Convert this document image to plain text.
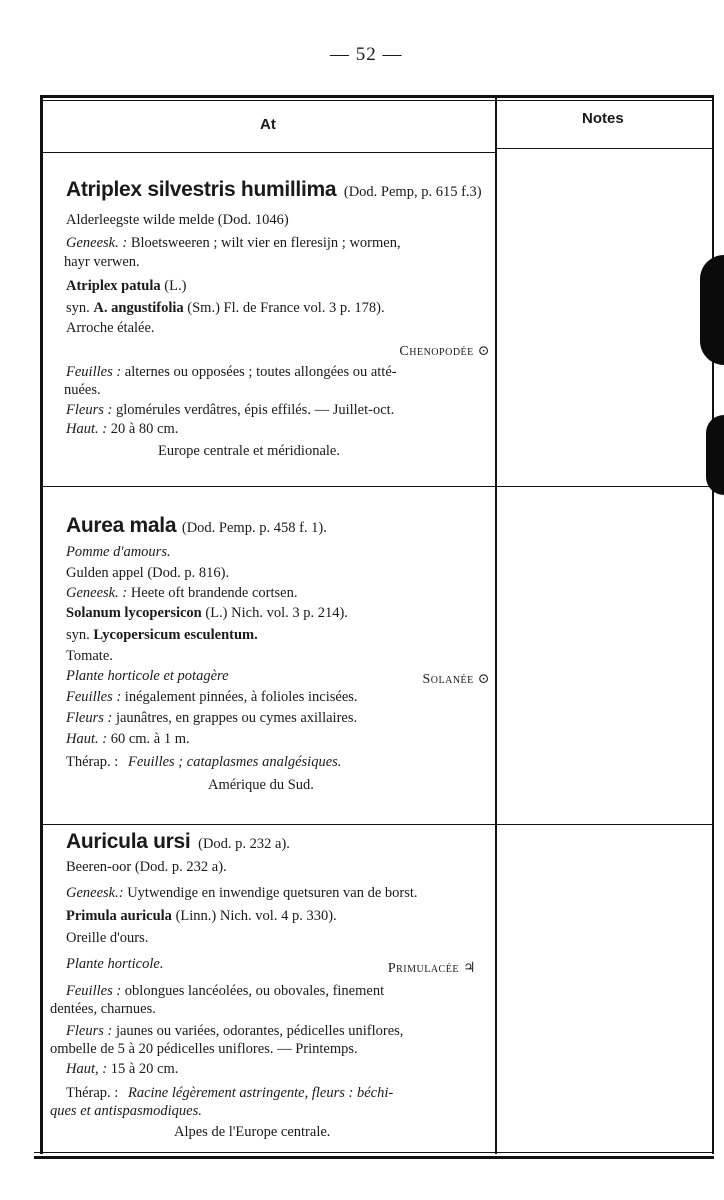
— 52 —
At	Notes
Atriplex silvestris humillima (Dod. Pemp, p. 615 f.3)
Alderleegste wilde melde (Dod. 1046)
Geneesk. : Bloetsweeren ; wilt vier en fleresijn ; wormen,
hayr verwen.
Atriplex patula (L.)
syn. A. angustifolia (Sm.) Fl. de France vol. 3 p. 178).
Arroche étalée.
Chenopodée ⊙
Feuilles : alternes ou opposées ; toutes allongées ou atté-
nuées.
Fleurs : glomérules verdâtres, épis effilés. — Juillet-oct.
Haut. : 20 à 80 cm.
Europe centrale et méridionale.
Aurea mala (Dod. Pemp. p. 458 f. 1).
Pomme d'amours.
Gulden appel (Dod. p. 816).
Geneesk. : Heete oft brandende cortsen.
Solanum lycopersicon (L.) Nich. vol. 3 p. 214).
syn. Lycopersicum esculentum.
Tomate.
Plante horticole et potagère	Solanée ⊙
Feuilles : inégalement pinnées, à folioles incisées.
Fleurs : jaunâtres, en grappes ou cymes axillaires.
Haut. : 60 cm. à 1 m.
Thérap. : Feuilles ; cataplasmes analgésiques.
Amérique du Sud.
Auricula ursi (Dod. p. 232 a).
Beeren-oor (Dod. p. 232 a).
Geneesk.: Uytwendige en inwendige quetsuren van de borst.
Primula auricula (Linn.) Nich. vol. 4 p. 330).
Oreille d'ours.
Plante horticole.	Primulacée ♃
Feuilles : oblongues lancéolées, ou obovales, finement
dentées, charnues.
Fleurs : jaunes ou variées, odorantes, pédicelles uniflores,
ombelle de 5 à 20 pédicelles uniflores. — Printemps.
Haut, : 15 à 20 cm.
Thérap. : Racine légèrement astringente, fleurs : béchi-
ques et antispasmodiques.
Alpes de l'Europe centrale.
